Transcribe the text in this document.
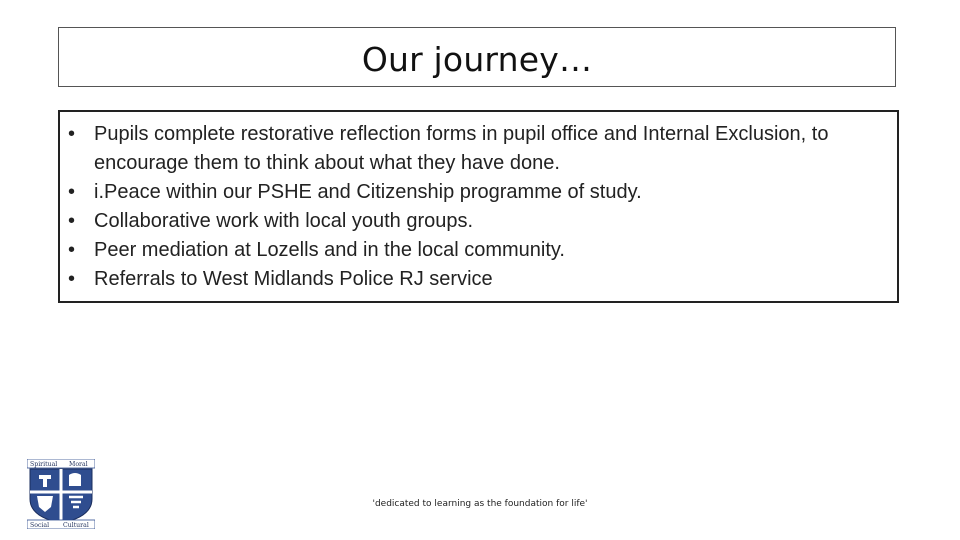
Our journey…
• Pupils complete restorative reflection forms in pupil office and Internal Exclusion, to encourage them to think about what they have done.
• i.Peace within our PSHE and Citizenship programme of study.
• Collaborative work with local youth groups.
• Peer mediation at Lozells and in the local community.
• Referrals to West Midlands Police RJ service
Spiritual Moral
Social Cultural
'dedicated to learning as the foundation for life'
